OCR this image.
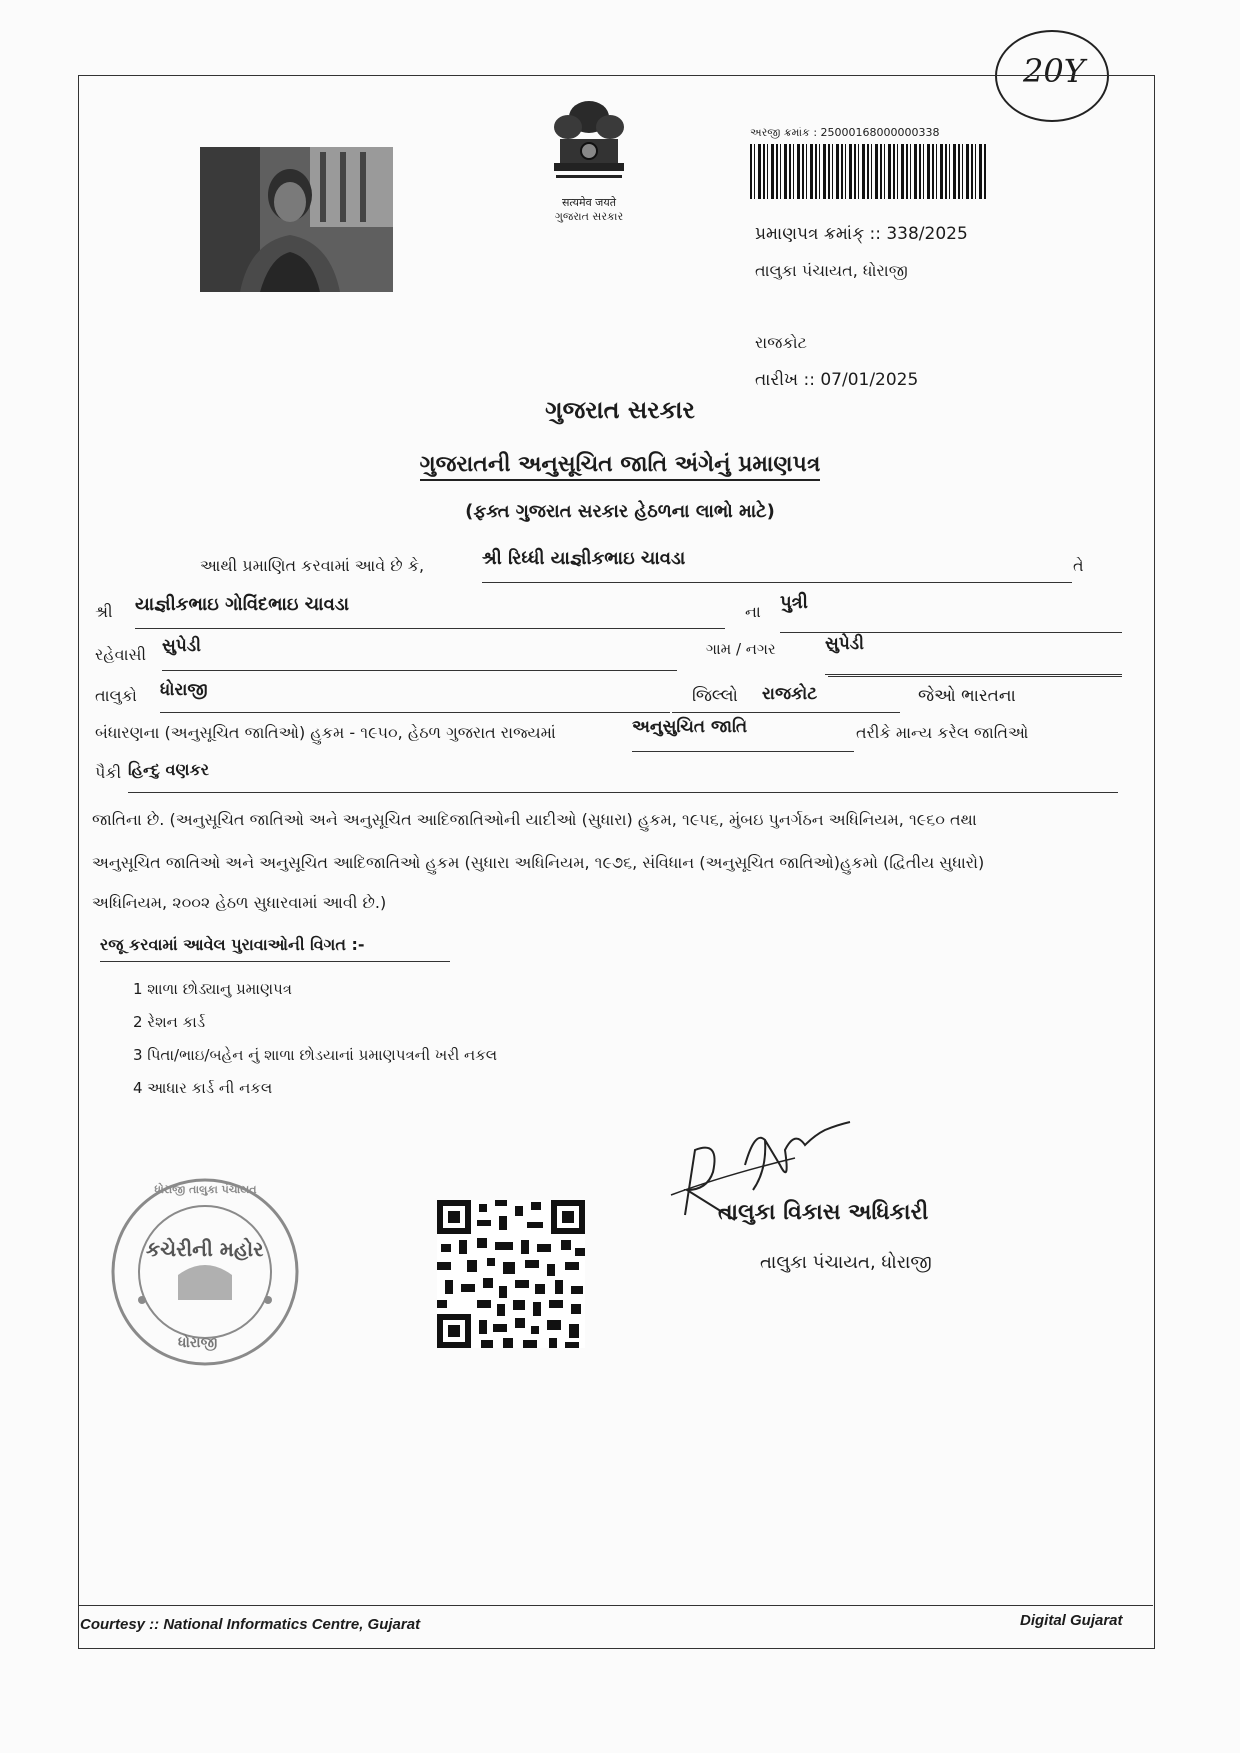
20Y
सत्यमेव जयते
ગુજરાત સરકાર
અરજી ક્રમાંક : 25000168000000338
પ્રમાણપત્ર ક્રમાંક્ :: 338/2025
તાલુકા પંચાયત, ધોરાજી
રાજકોટ
તારીખ :: 07/01/2025
ગુજરાત સરકાર
ગુજરાતની અનુસૂચિત જાતિ અંગેનું પ્રમાણપત્ર
(ફક્ત ગુજરાત સરકાર હેઠળના લાભો માટે)
આથી પ્રમાણિત કરવામાં આવે છે કે,	શ્રી રિધ્ધી યાજ્ઞીકભાઇ ચાવડા	તે
શ્રી યાજ્ઞીકભાઇ ગોવિંદભાઇ ચાવડા	ના પુત્રી
રહેવાસી સુપેડી	ગામ / નગર	સુપેડી
તાલુકો ધોરાજી	જિલ્લો રાજકોટ	જેઓ ભારતના
બંધારણના (અનુસૂચિત જાતિઓ) હુકમ - ૧૯૫૦, હેઠળ ગુજરાત રાજ્યમાં	અનુસુચિત જાતિ	તરીકે માન્ય કરેલ જાતિઓ
પૈકી હિન્દુ વણકર
જાતિના છે. (અનુસૂચિત જાતિઓ અને અનુસૂચિત આદિજાતિઓની યાદીઓ (સુધારા) હુકમ, ૧૯૫૬, મુંબઇ પુનર્ગઠન અધિનિયમ, ૧૯૬૦ તથા
અનુસૂચિત જાતિઓ અને અનુસૂચિત આદિજાતિઓ હુકમ (સુધારા અધિનિયમ, ૧૯૭૬, સંવિધાન (અનુસૂચિત જાતિઓ)હુકમો (દ્વિતીય સુધારો)
અધિનિયમ, ૨૦૦૨ હેઠળ સુધારવામાં આવી છે.)
રજૂ કરવામાં આવેલ પુરાવાઓની વિગત :-
1 શાળા છોડ્યાનુ પ્રમાણપત્ર
2 રેશન કાર્ડ
3 પિતા/ભાઇ/બહેન નું શાળા છોડયાનાં પ્રમાણપત્રની ખરી નકલ
4 આધાર કાર્ડ ની નકલ
ધોરાજી તાલુકા પંચાયત
કચેરીની મહોર
ધોરાજી
તાલુકા વિકાસ અધિકારી
તાલુકા પંચાયત, ધોરાજી
Courtesy :: National Informatics Centre, Gujarat	Digital Gujarat
